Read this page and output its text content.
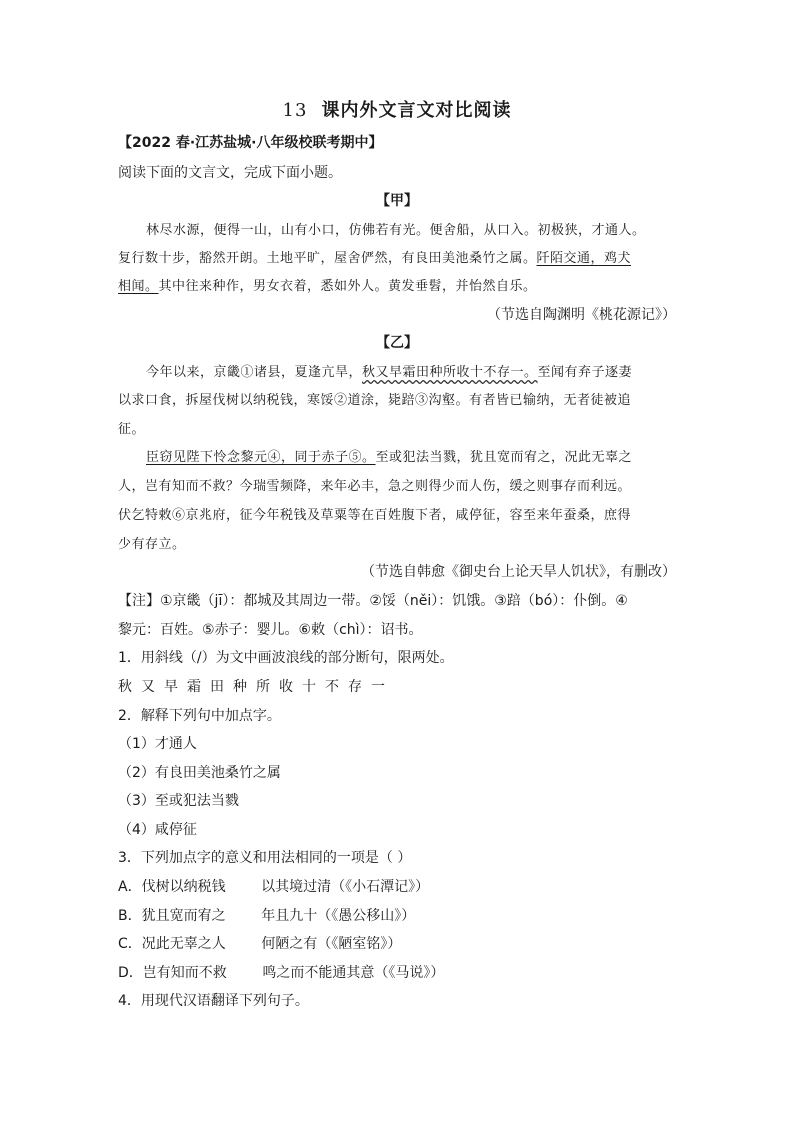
13 课内外文言文对比阅读
【2022 春·江苏盐城·八年级校联考期中】
阅读下面的文言文，完成下面小题。
【甲】
林尽水源，便得一山，山有小口，仿佛若有光。便舍船，从口入。初极狭，才通人。
复行数十步，豁然开朗。土地平旷，屋舍俨然，有良田美池桑竹之属。阡陌交通，鸡犬
相闻。其中往来种作，男女衣着，悉如外人。黄发垂髫，并怡然自乐。
（节选自陶渊明《桃花源记》）
【乙】
今年以来，京畿①诸县，夏逢亢旱，秋又早霜田种所收十不存一。至闻有弃子逐妻
以求口食，拆屋伐树以纳税钱，寒馁②道涂，毙踣③沟壑。有者皆已输纳，无者徒被追
征。
臣窃见陛下怜念黎元④，同于赤子⑤。至或犯法当戮，犹且宽而宥之，况此无辜之
人，岂有知而不救？今瑞雪频降，来年必丰，急之则得少而人伤，缓之则事存而利远。
伏乞特敕⑥京兆府，征今年税钱及草粟等在百姓腹下者，咸停征，容至来年蚕桑，庶得
少有存立。
（节选自韩愈《御史台上论天旱人饥状》，有删改）
【注】①京畿（jī）：都城及其周边一带。②馁（něi）：饥饿。③踣（bó）：仆倒。④
黎元：百姓。⑤赤子：婴儿。⑥敕（chì）：诏书。
1．用斜线（/）为文中画波浪线的部分断句，限两处。
秋又早霜田种所收十不存一
2．解释下列句中加点字。
（1）才通人
（2）有良田美池桑竹之属
（3）至或犯法当戮
（4）咸停征
3．下列加点字的意义和用法相同的一项是（ ）
A．伐树以纳税钱        以其境过清（《小石潭记》）
B．犹且宽而宥之        年且九十（《愚公移山》）
C．况此无辜之人        何陋之有（《陋室铭》）
D．岂有知而不救        鸣之而不能通其意（《马说》）
4．用现代汉语翻译下列句子。
